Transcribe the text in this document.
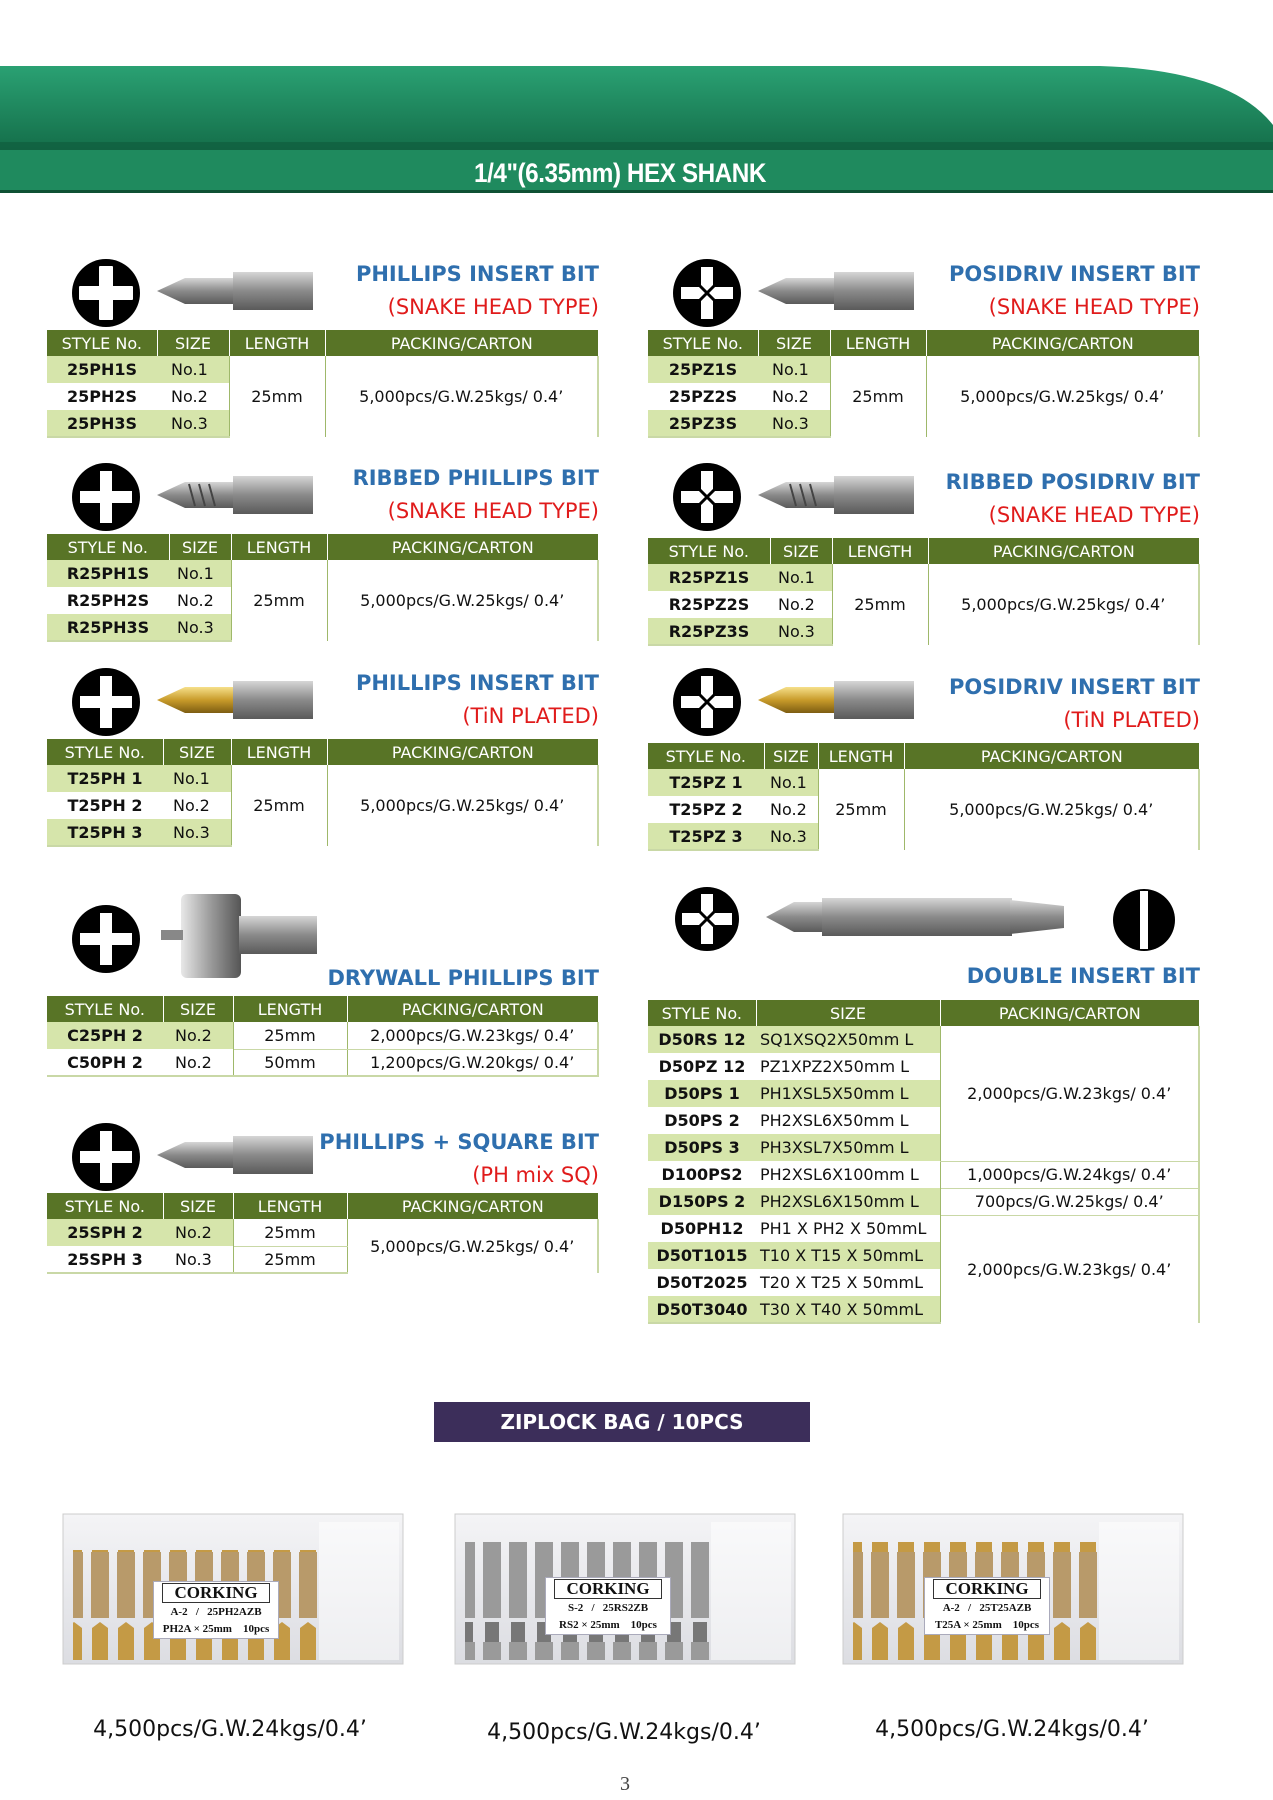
1/4"(6.35mm) HEX SHANK
PHILLIPS INSERT BIT
(SNAKE HEAD TYPE)
STYLE No.	SIZE	LENGTH	PACKING/CARTON
25PH1S	No.1	25mm	5,000pcs/G.W.25kgs/ 0.4’
25PH2S	No.2		
25PH3S	No.3		
POSIDRIV INSERT BIT
(SNAKE HEAD TYPE)
STYLE No.	SIZE	LENGTH	PACKING/CARTON
25PZ1S	No.1	25mm	5,000pcs/G.W.25kgs/ 0.4’
25PZ2S	No.2		
25PZ3S	No.3		
RIBBED PHILLIPS BIT
(SNAKE HEAD TYPE)
STYLE No.	SIZE	LENGTH	PACKING/CARTON
R25PH1S	No.1	25mm	5,000pcs/G.W.25kgs/ 0.4’
R25PH2S	No.2		
R25PH3S	No.3		
RIBBED POSIDRIV BIT
(SNAKE HEAD TYPE)
STYLE No.	SIZE	LENGTH	PACKING/CARTON
R25PZ1S	No.1	25mm	5,000pcs/G.W.25kgs/ 0.4’
R25PZ2S	No.2		
R25PZ3S	No.3		
PHILLIPS INSERT BIT
(TiN PLATED)
STYLE No.	SIZE	LENGTH	PACKING/CARTON
T25PH 1	No.1	25mm	5,000pcs/G.W.25kgs/ 0.4’
T25PH 2	No.2		
T25PH 3	No.3		
POSIDRIV INSERT BIT
(TiN PLATED)
STYLE No.	SIZE	LENGTH	PACKING/CARTON
T25PZ 1	No.1	25mm	5,000pcs/G.W.25kgs/ 0.4’
T25PZ 2	No.2		
T25PZ 3	No.3		
DRYWALL PHILLIPS BIT
STYLE No.	SIZE	LENGTH	PACKING/CARTON
C25PH 2	No.2	25mm	2,000pcs/G.W.23kgs/ 0.4’
C50PH 2	No.2	50mm	1,200pcs/G.W.20kgs/ 0.4’
PHILLIPS + SQUARE BIT
(PH mix SQ)
STYLE No.	SIZE	LENGTH	PACKING/CARTON
25SPH 2	No.2	25mm	5,000pcs/G.W.25kgs/ 0.4’
25SPH 3	No.3	25mm	
DOUBLE INSERT BIT
STYLE No.	SIZE	PACKING/CARTON
D50RS 12	SQ1XSQ2X50mm L	2,000pcs/G.W.23kgs/ 0.4’
D50PZ 12	PZ1XPZ2X50mm L	
D50PS 1	PH1XSL5X50mm L	
D50PS 2	PH2XSL6X50mm L	
D50PS 3	PH3XSL7X50mm L	
D100PS2	PH2XSL6X100mm L	1,000pcs/G.W.24kgs/ 0.4’
D150PS 2	PH2XSL6X150mm L	700pcs/G.W.25kgs/ 0.4’
D50PH12	PH1 X PH2 X 50mmL	2,000pcs/G.W.23kgs/ 0.4’
D50T1015	T10 X T15 X 50mmL	
D50T2025	T20 X T25 X 50mmL	
D50T3040	T30 X T40 X 50mmL	
ZIPLOCK BAG / 10PCS
CORKING
A-2   /   25PH2AZB
PH2A × 25mm    10pcs
CORKING
S-2   /   25RS2ZB
RS2 × 25mm    10pcs
CORKING
A-2   /   25T25AZB
T25A × 25mm    10pcs
4,500pcs/G.W.24kgs/0.4’	4,500pcs/G.W.24kgs/0.4’	4,500pcs/G.W.24kgs/0.4’
3
